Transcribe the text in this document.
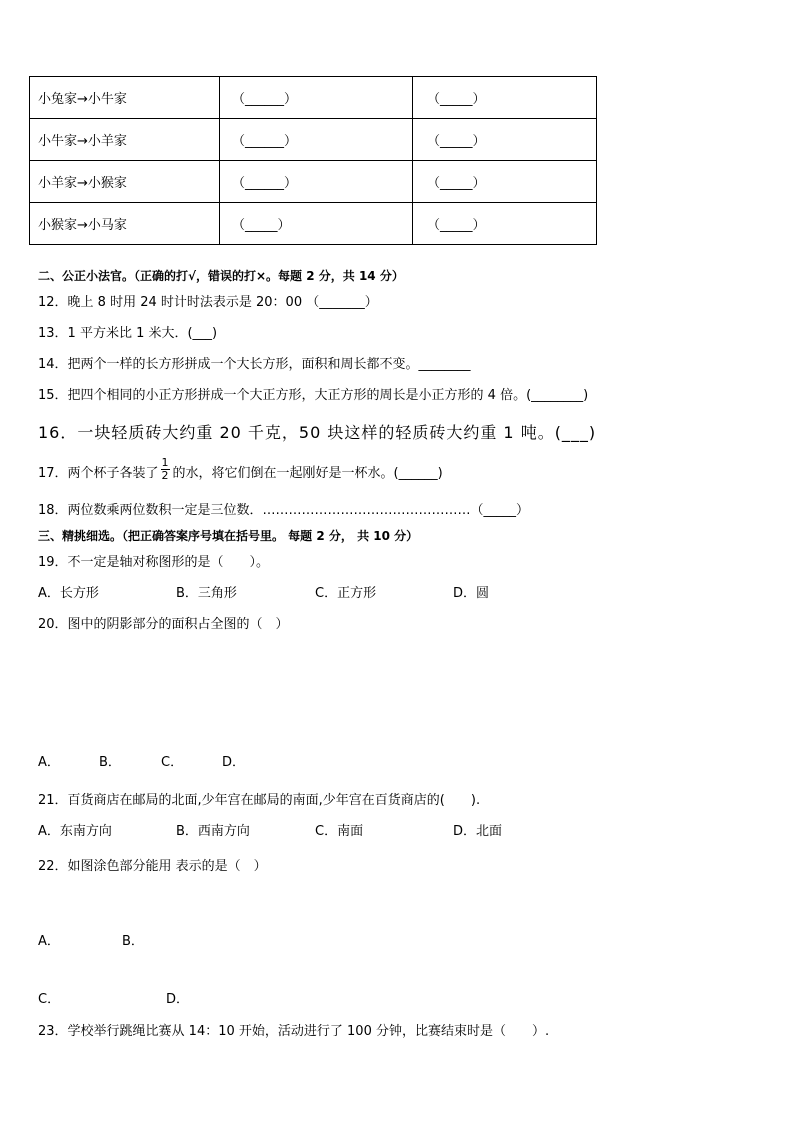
小兔家→小牛家	（______）	（_____）
小牛家→小羊家	（______）	（_____）
小羊家→小猴家	（______）	（_____）
小猴家→小马家	（_____）	（_____）
二、公正小法官。（正确的打√，错误的打×。每题 2 分，共 14 分）
12．晚上 8 时用 24 时计时法表示是 20：00 （_______）
13．1 平方米比 1 米大．(___)
14．把两个一样的长方形拼成一个大长方形，面积和周长都不变。________
15．把四个相同的小正方形拼成一个大正方形，大正方形的周长是小正方形的 4 倍。(________)
16．一块轻质砖大约重 20 千克，50 块这样的轻质砖大约重 1 吨。(___)
17．两个杯子各装了 $\frac{1}{2}$ 的水，将它们倒在一起刚好是一杯水。(______)
18．两位数乘两位数积一定是三位数．…………………………………………（_____）
三、精挑细选。（把正确答案序号填在括号里。 每题 2 分， 共 10 分）
19．不一定是轴对称图形的是（　　）。
A．长方形	B．三角形	C．正方形	D．圆
20．图中的阴影部分的面积占全图的（　）
A．	B．	C．	D．
21．百货商店在邮局的北面,少年宫在邮局的南面,少年宫在百货商店的(　　).
A．东南方向	B．西南方向	C．南面	D．北面
22．如图涂色部分能用 表示的是（　）
A．	B．
C．	D．
23．学校举行跳绳比赛从 14：10 开始，活动进行了 100 分钟，比赛结束时是（　　）.
